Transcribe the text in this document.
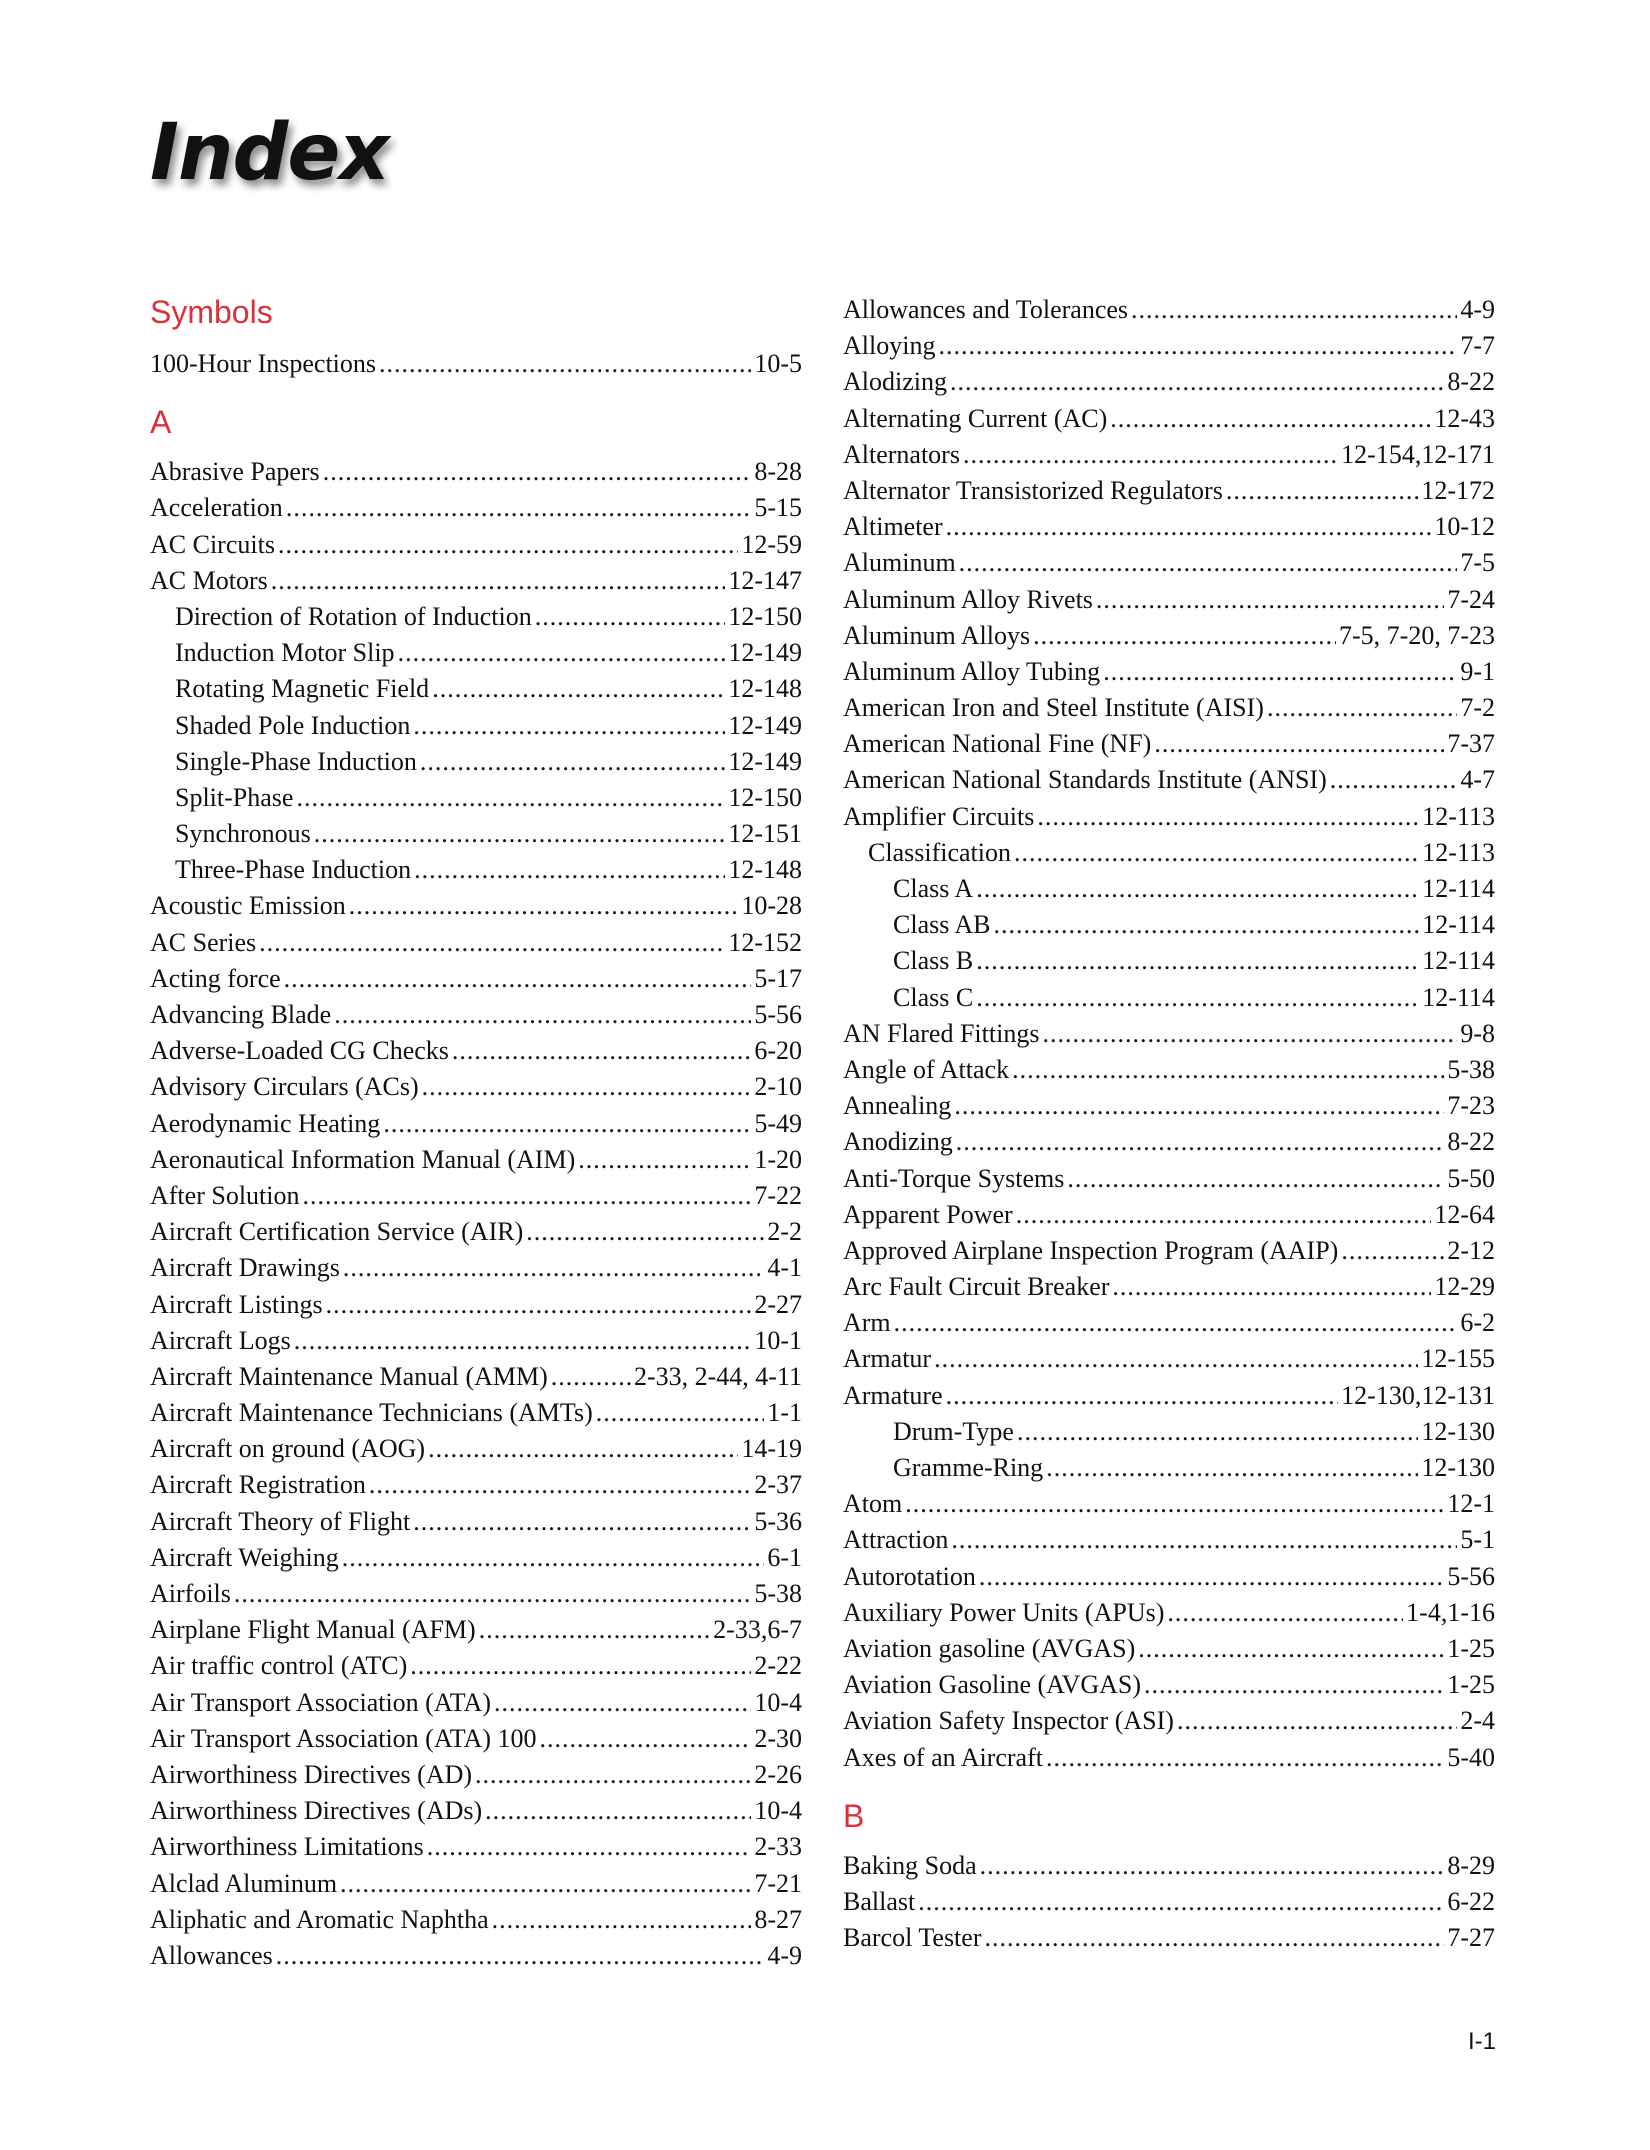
Index
Symbols
100-Hour Inspections .....	10-5
A
Abrasive Papers .....	8-28
Acceleration .....	5-15
AC Circuits .....	12-59
AC Motors .....	12-147
Direction of Rotation of Induction .....	12-150
Induction Motor Slip .....	12-149
Rotating Magnetic Field .....	12-148
Shaded Pole Induction .....	12-149
Single-Phase Induction .....	12-149
Split-Phase .....	12-150
Synchronous .....	12-151
Three-Phase Induction .....	12-148
Acoustic Emission .....	10-28
AC Series .....	12-152
Acting force .....	5-17
Advancing Blade .....	5-56
Adverse-Loaded CG Checks .....	6-20
Advisory Circulars (ACs) .....	2-10
Aerodynamic Heating .....	5-49
Aeronautical Information Manual (AIM) .....	1-20
After Solution .....	7-22
Aircraft Certification Service (AIR) .....	2-2
Aircraft Drawings .....	4-1
Aircraft Listings .....	2-27
Aircraft Logs .....	10-1
Aircraft Maintenance Manual (AMM) .....	2-33, 2-44, 4-11
Aircraft Maintenance Technicians (AMTs) .....	1-1
Aircraft on ground (AOG) .....	14-19
Aircraft Registration .....	2-37
Aircraft Theory of Flight .....	5-36
Aircraft Weighing .....	6-1
Airfoils .....	5-38
Airplane Flight Manual (AFM) .....	2-33,6-7
Air traffic control (ATC) .....	2-22
Air Transport Association (ATA) .....	10-4
Air Transport Association (ATA) 100 .....	2-30
Airworthiness Directives (AD) .....	2-26
Airworthiness Directives (ADs) .....	10-4
Airworthiness Limitations .....	2-33
Alclad Aluminum .....	7-21
Aliphatic and Aromatic Naphtha .....	8-27
Allowances .....	4-9
Allowances and Tolerances .....	4-9
Alloying .....	7-7
Alodizing .....	8-22
Alternating Current (AC) .....	12-43
Alternators .....	12-154,12-171
Alternator Transistorized Regulators .....	12-172
Altimeter .....	10-12
Aluminum .....	7-5
Aluminum Alloy Rivets .....	7-24
Aluminum Alloys .....	7-5, 7-20, 7-23
Aluminum Alloy Tubing .....	9-1
American Iron and Steel Institute (AISI) .....	7-2
American National Fine (NF) .....	7-37
American National Standards Institute (ANSI) .....	4-7
Amplifier Circuits .....	12-113
Classification .....	12-113
Class A .....	12-114
Class AB .....	12-114
Class B .....	12-114
Class C .....	12-114
AN Flared Fittings .....	9-8
Angle of Attack .....	5-38
Annealing .....	7-23
Anodizing .....	8-22
Anti-Torque Systems .....	5-50
Apparent Power .....	12-64
Approved Airplane Inspection Program (AAIP) .....	2-12
Arc Fault Circuit Breaker .....	12-29
Arm .....	6-2
Armatur .....	12-155
Armature .....	12-130,12-131
Drum-Type .....	12-130
Gramme-Ring .....	12-130
Atom .....	12-1
Attraction .....	5-1
Autorotation .....	5-56
Auxiliary Power Units (APUs) .....	1-4,1-16
Aviation gasoline (AVGAS) .....	1-25
Aviation Gasoline (AVGAS) .....	1-25
Aviation Safety Inspector (ASI) .....	2-4
Axes of an Aircraft .....	5-40
B
Baking Soda .....	8-29
Ballast .....	6-22
Barcol Tester .....	7-27
I-1
